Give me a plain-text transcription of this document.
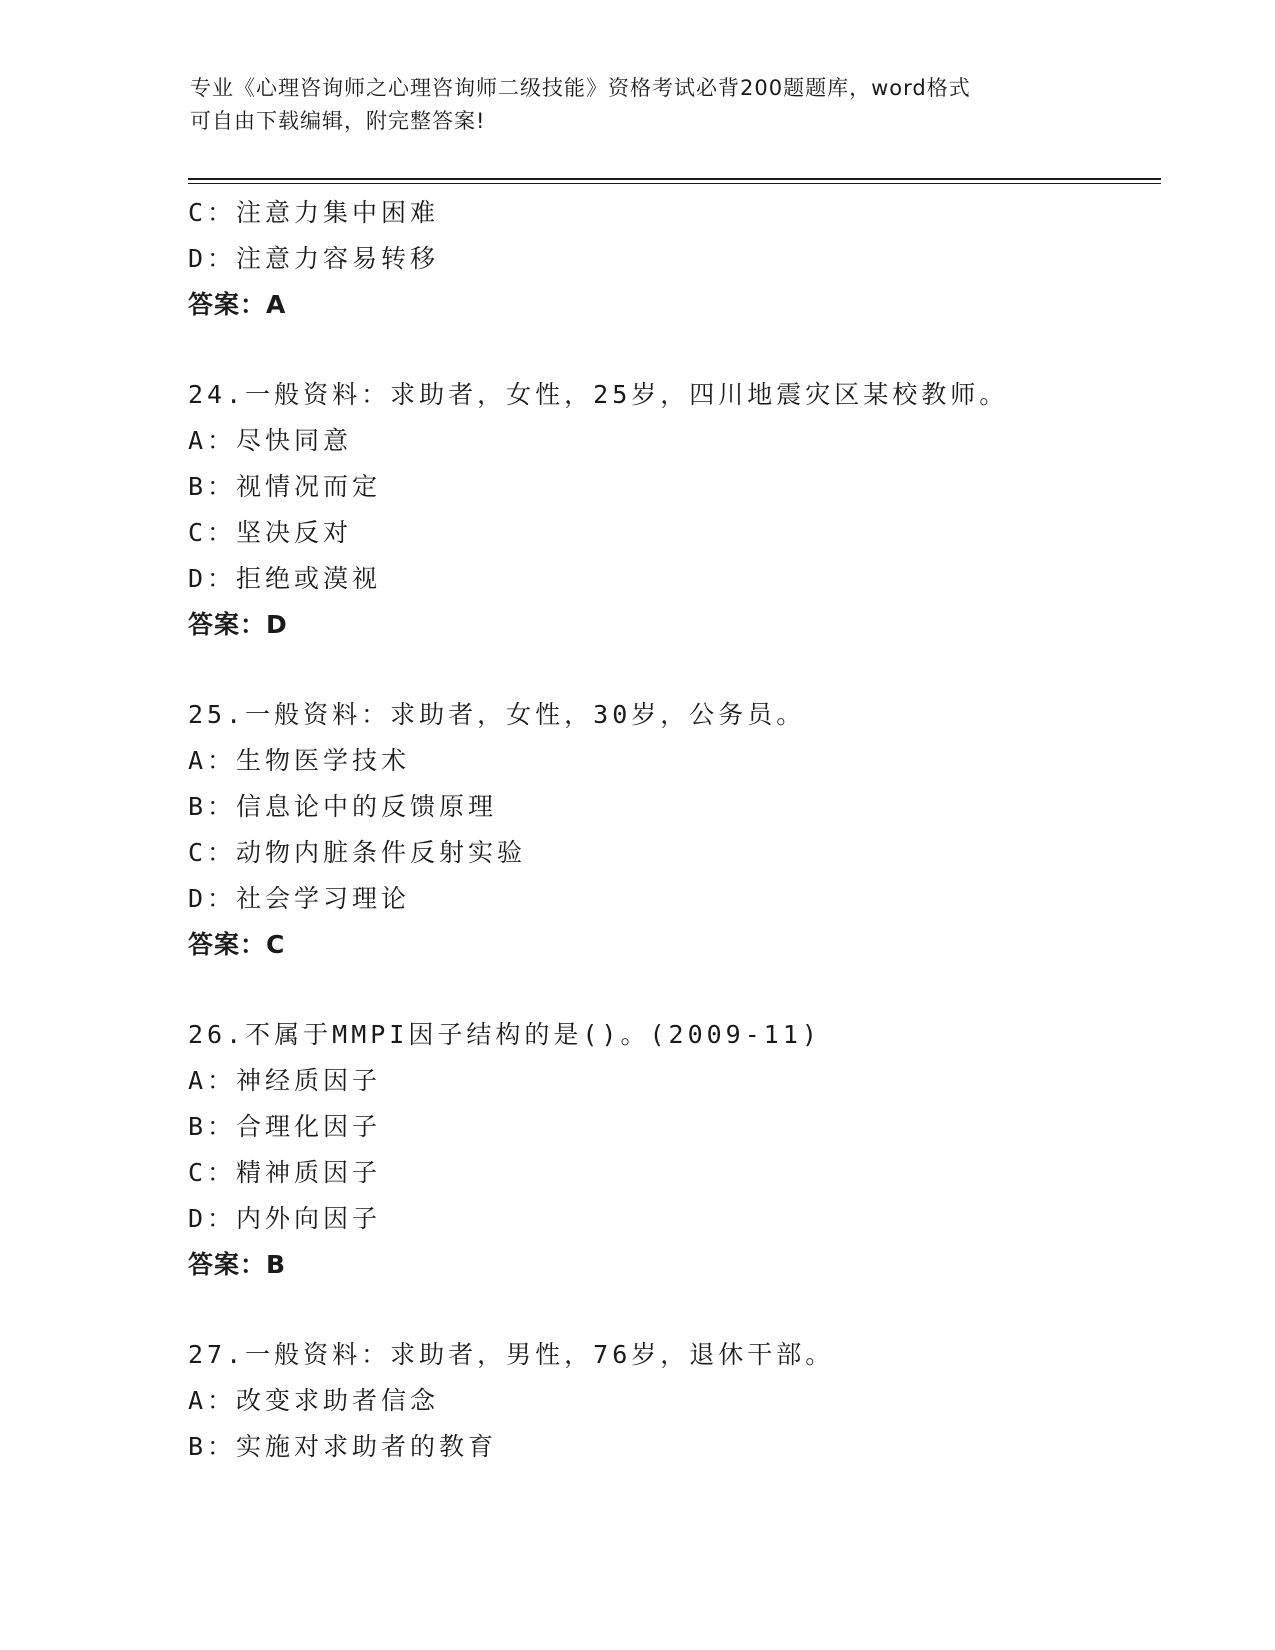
专业《心理咨询师之心理咨询师二级技能》资格考试必背200题题库，word格式
可自由下载编辑，附完整答案!
C：注意力集中困难
D：注意力容易转移
答案：A
24.一般资料：求助者，女性，25岁，四川地震灾区某校教师。
A：尽快同意
B：视情况而定
C：坚决反对
D：拒绝或漠视
答案：D
25.一般资料：求助者，女性，30岁，公务员。
A：生物医学技术
B：信息论中的反馈原理
C：动物内脏条件反射实验
D：社会学习理论
答案：C
26.不属于MMPI因子结构的是()。(2009-11)
A：神经质因子
B：合理化因子
C：精神质因子
D：内外向因子
答案：B
27.一般资料：求助者，男性，76岁，退休干部。
A：改变求助者信念
B：实施对求助者的教育
